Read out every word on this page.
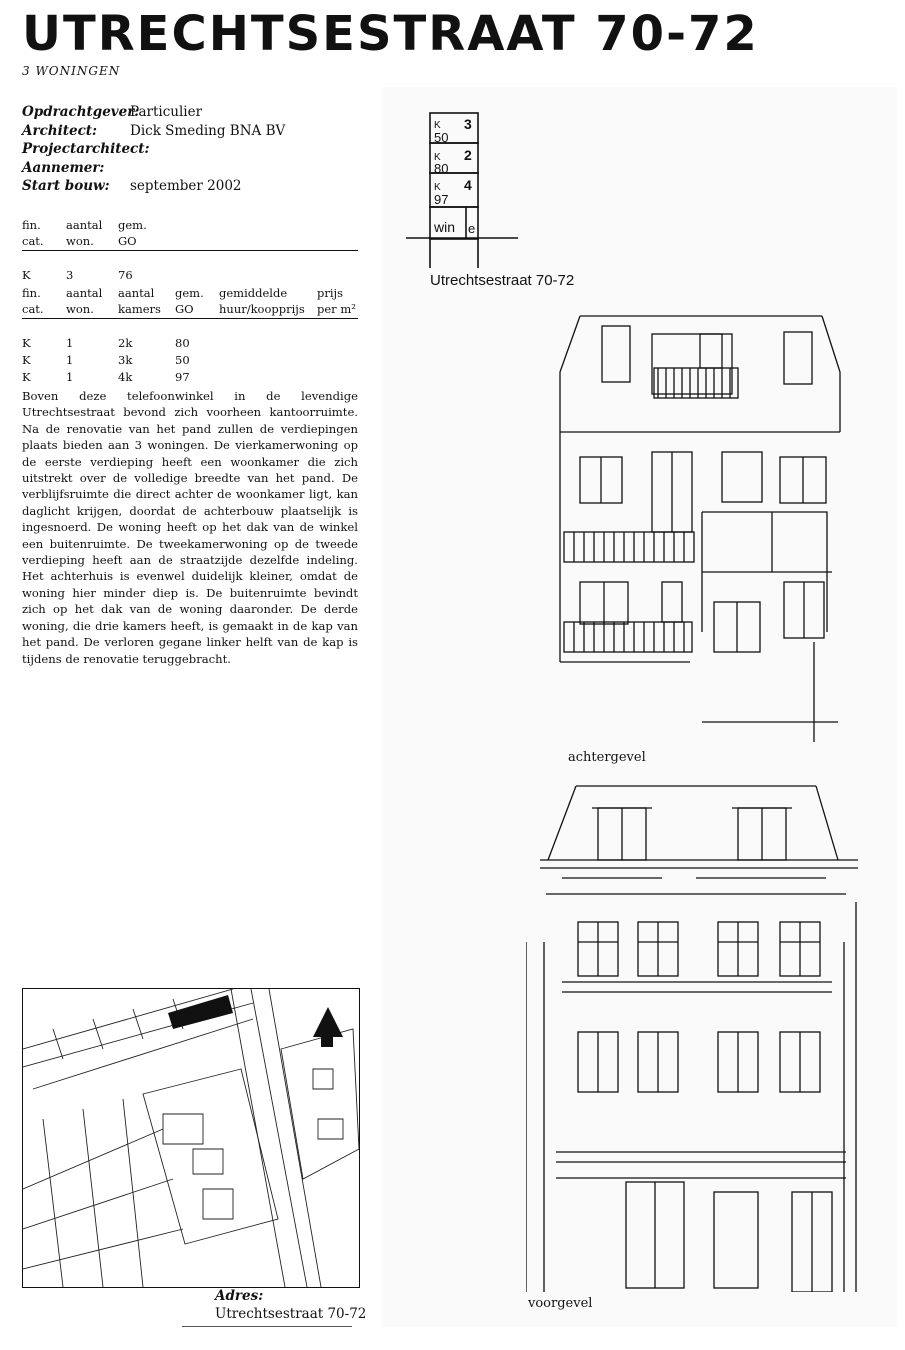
UTRECHTSESTRAAT 70-72
3 WONINGEN
Opdrachtgever:
Particulier
Architect:	Dick Smeding BNA BV
Projectarchitect:
Aannemer:
Start bouw:	september 2002
fin.	aantal	gem.
cat.	won.	GO

K	3	76
fin.	aantal	aantal	gem.	gemiddelde	prijs
cat.	won.	kamers	GO	huur/koopprijs	per m²

K	1	2k	80		
K	1	3k	50		
K	1	4k	97		
Boven deze telefoonwinkel in de levendige Utrechtsestraat bevond zich voorheen kantoorruimte. Na de renovatie van het pand zullen de verdiepingen plaats bieden aan 3 woningen. De vierkamerwoning op de eerste verdieping heeft een woonkamer die zich uitstrekt over de volledige breedte van het pand. De verblijfsruimte die direct achter de woonkamer ligt, kan daglicht krijgen, doordat de achterbouw plaatselijk is ingesnoerd. De woning heeft op het dak van de winkel een buitenruimte. De tweekamerwoning op de tweede verdieping heeft aan de straatzijde dezelfde indeling. Het achterhuis is evenwel duidelijk kleiner, omdat de woning hier minder diep is. De buitenruimte bevindt zich op het dak van de woning daaronder. De derde woning, die drie kamers heeft, is gemaakt in de kap van het pand. De verloren gegane linker helft van de kap is tijdens de renovatie teruggebracht.
K
50
3
K
80
2
K
97
4
win e
Utrechtsestraat 70-72
achtergevel
voorgevel
Adres:
Utrechtsestraat 70-72
